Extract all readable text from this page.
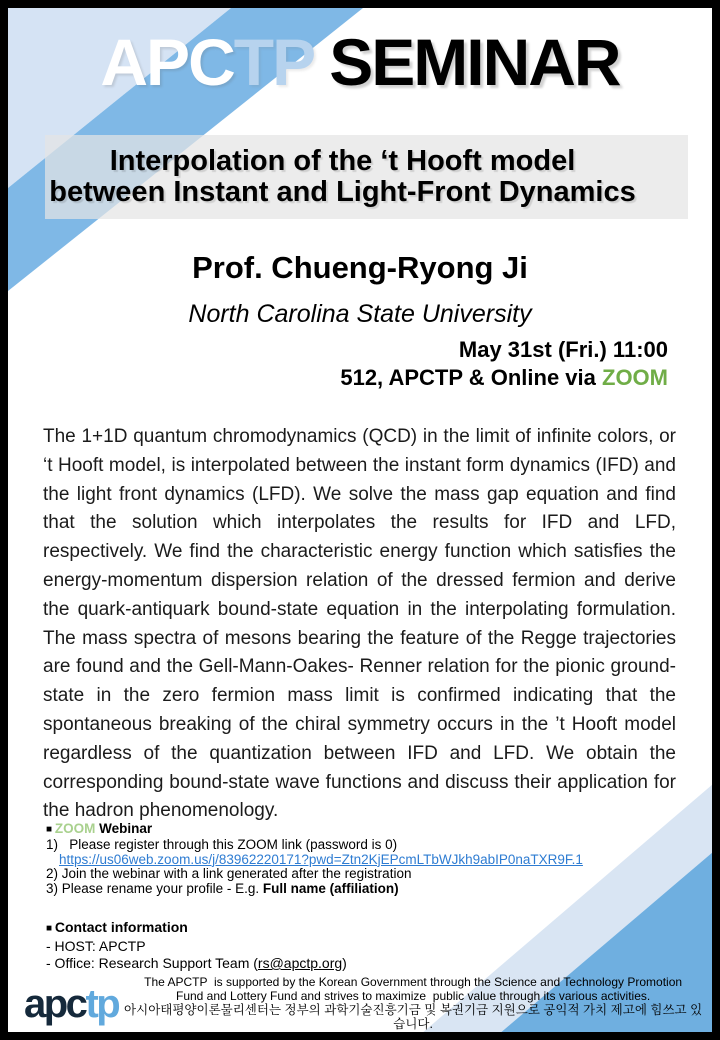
APCTP SEMINAR
Interpolation of the ‘t Hooft model
between Instant and Light-Front Dynamics
Prof. Chueng-Ryong Ji
North Carolina State University
May 31st (Fri.) 11:00
512, APCTP & Online via ZOOM
The 1+1D quantum chromodynamics (QCD) in the limit of infinite colors, or ‘t Hooft model, is interpolated between the instant form dynamics (IFD) and the light front dynamics (LFD). We solve the mass gap equation and find that the solution which interpolates the results for IFD and LFD, respectively. We find the characteristic energy function which satisfies the energy-momentum dispersion relation of the dressed fermion and derive the quark-antiquark bound-state equation in the interpolating formulation. The mass spectra of mesons bearing the feature of the Regge trajectories are found and the Gell-Mann-Oakes- Renner relation for the pionic ground-state in the zero fermion mass limit is confirmed indicating that the spontaneous breaking of the chiral symmetry occurs in the ’t Hooft model regardless of the quantization between IFD and LFD. We obtain the corresponding bound-state wave functions and discuss their application for the hadron phenomenology.
■ ZOOM Webinar
1)   Please register through this ZOOM link (password is 0)
https://us06web.zoom.us/j/83962220171?pwd=Ztn2KjEPcmLTbWJkh9abIP0naTXR9F.1
2) Join the webinar with a link generated after the registration
3) Please rename your profile - E.g. Full name (affiliation)
■ Contact information
- HOST: APCTP
- Office: Research Support Team (rs@apctp.org)
apctp	The APCTP  is supported by the Korean Government through the Science and Technology Promotion
Fund and Lottery Fund and strives to maximize  public value through its various activities.
아시아태평양이론물리센터는 정부의 과학기술진흥기금 및 복권기금 지원으로 공익적 가치 제고에 힘쓰고 있습니다.
